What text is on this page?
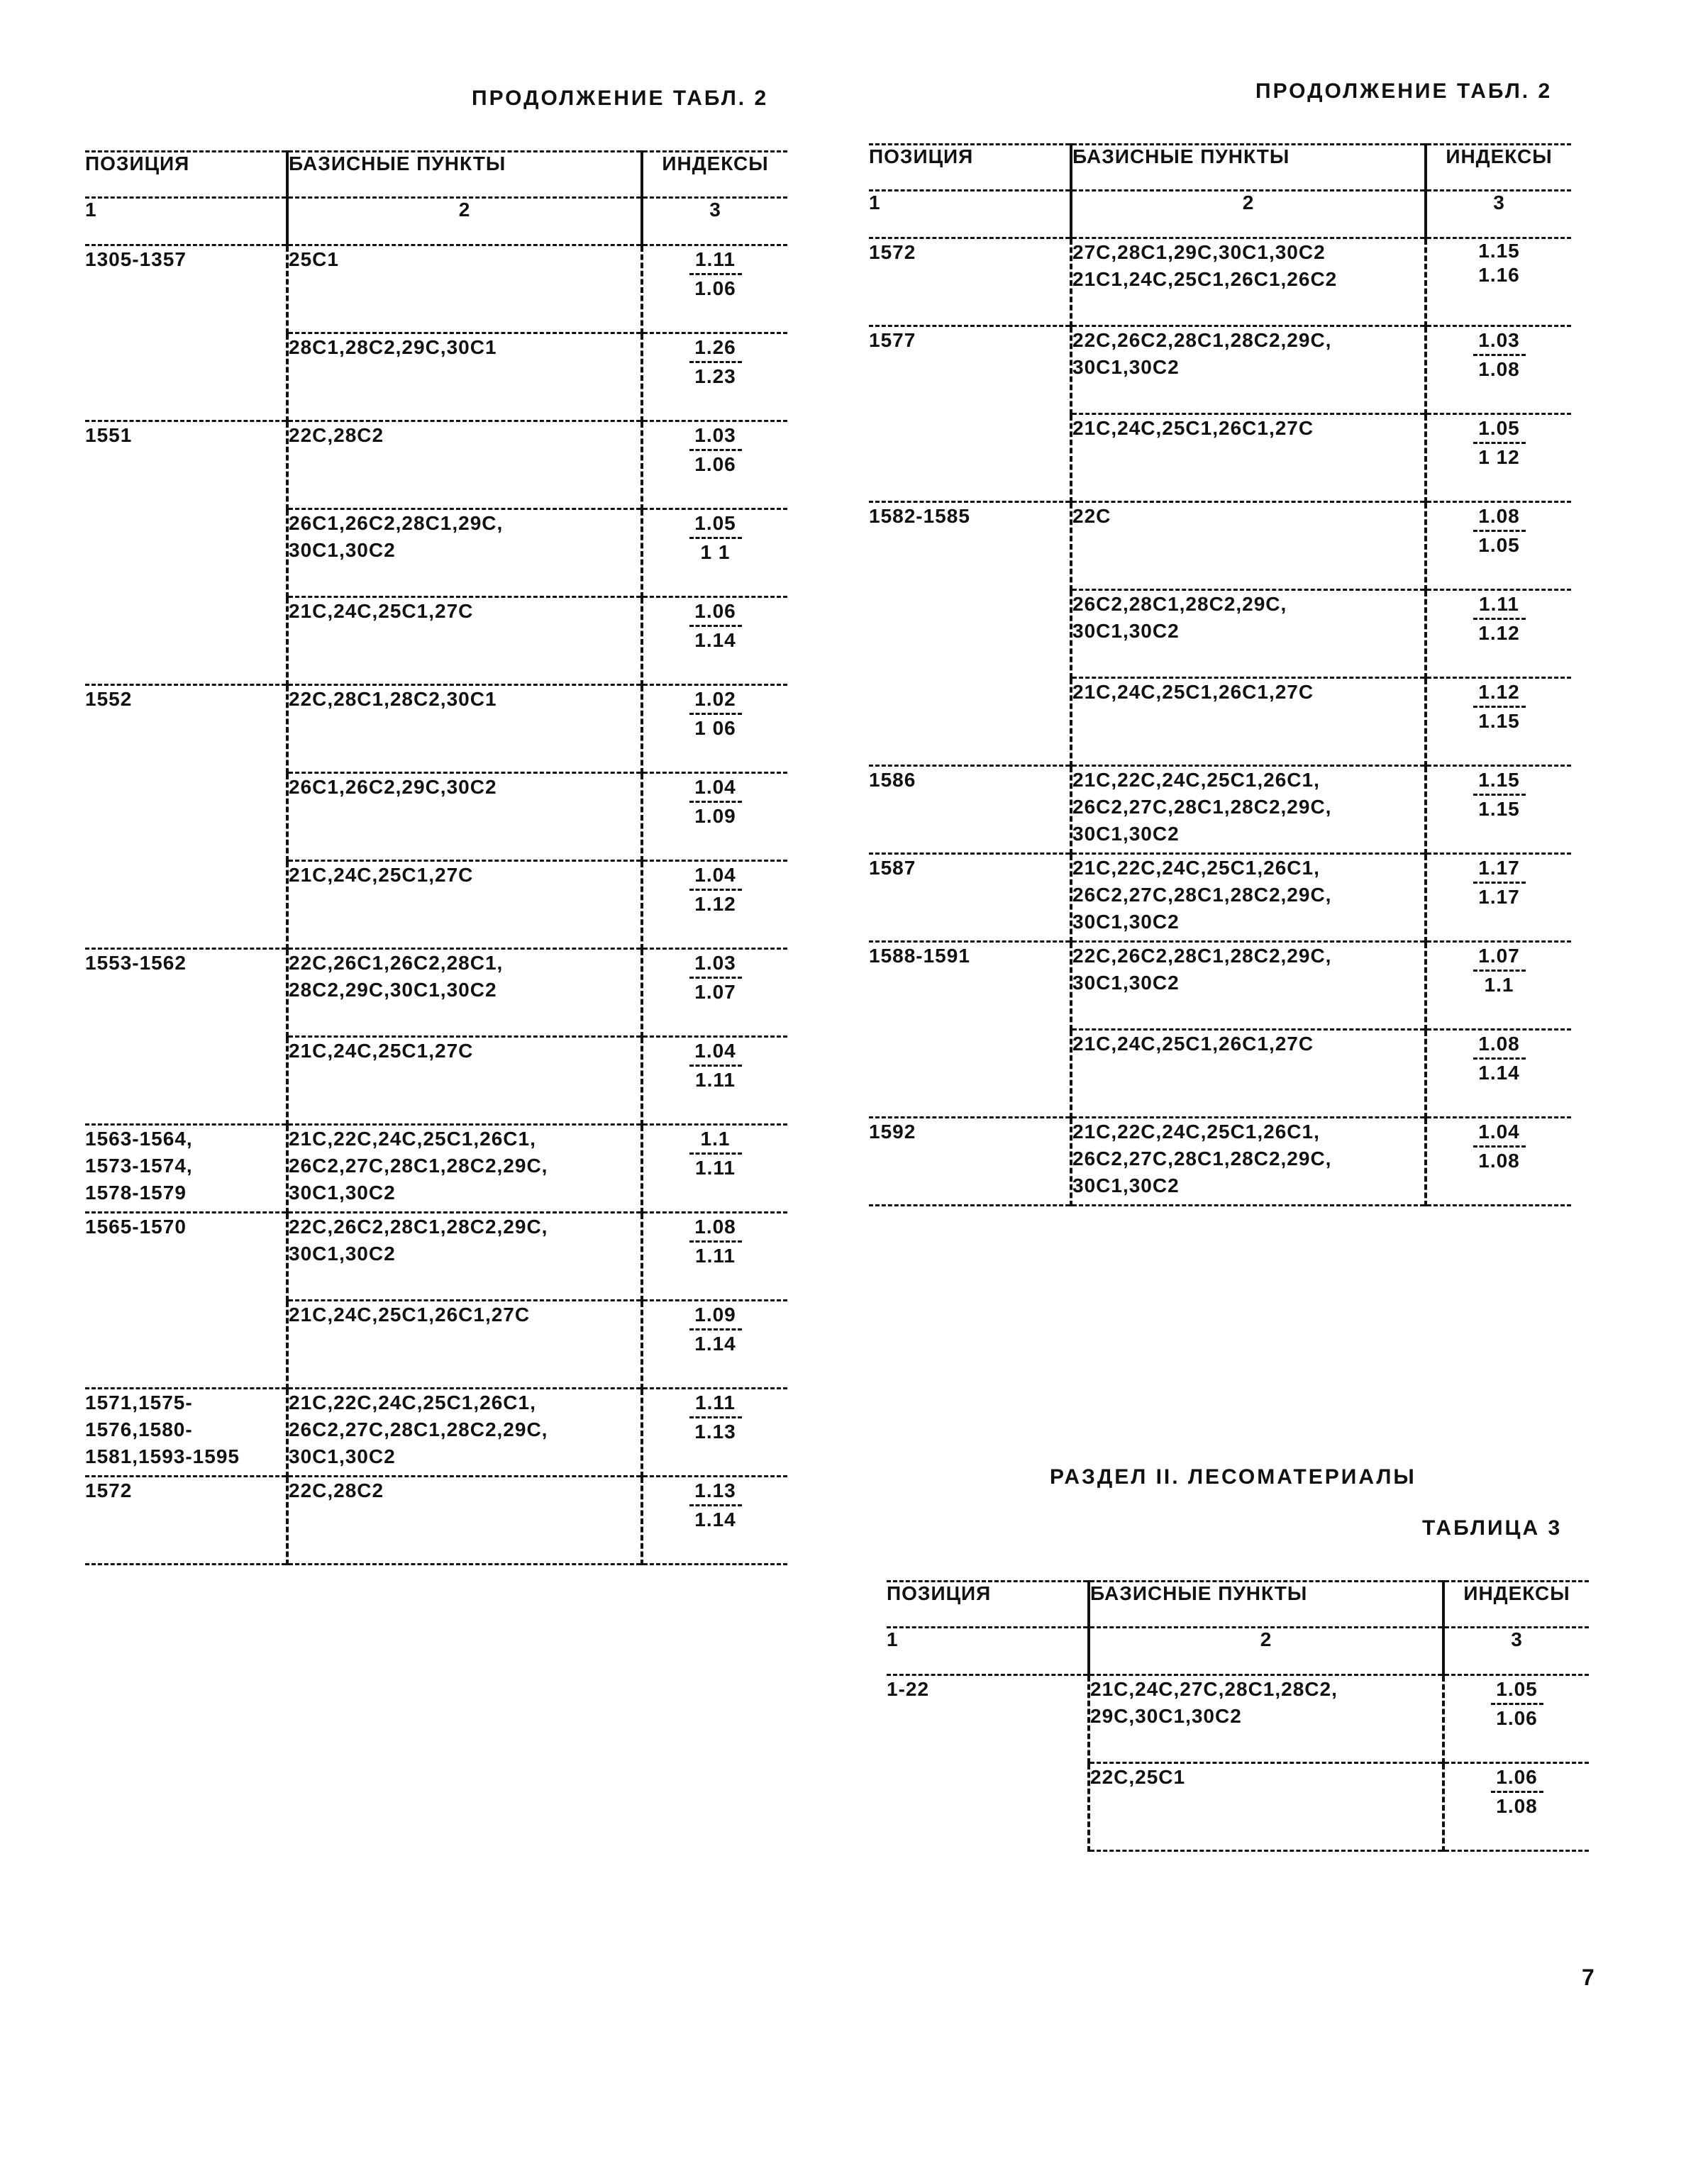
ПРОДОЛЖЕНИЕ ТАБЛ. 2
ПОЗИЦИЯ	БАЗИСНЫЕ ПУНКТЫ	ИНДЕКСЫ
1	2	3
1305-1357	25С1	1.11
1.06

	28С1,28С2,29С,30С1	1.26
1.23

1551	22С,28С2	1.03
1.06

	26С1,26С2,28С1,29С,
30С1,30С2	1.05
1 1

	21С,24С,25С1,27С	1.06
1.14

1552	22С,28С1,28С2,30С1	1.02
1 06

	26С1,26С2,29С,30С2	1.04
1.09

	21С,24С,25С1,27С	1.04
1.12

1553-1562	22С,26С1,26С2,28С1,
28С2,29С,30С1,30С2	1.03
1.07

	21С,24С,25С1,27С	1.04
1.11

1563-1564,
1573-1574,
1578-1579	21С,22С,24С,25С1,26С1,
26С2,27С,28С1,28С2,29С,
30С1,30С2	1.1
1.11

1565-1570	22С,26С2,28С1,28С2,29С,
30С1,30С2	1.08
1.11

	21С,24С,25С1,26С1,27С	1.09
1.14

1571,1575-
1576,1580-
1581,1593-1595	21С,22С,24С,25С1,26С1,
26С2,27С,28С1,28С2,29С,
30С1,30С2	1.11
1.13

1572	22С,28С2	1.13
1.14
ПРОДОЛЖЕНИЕ ТАБЛ. 2
ПОЗИЦИЯ	БАЗИСНЫЕ ПУНКТЫ	ИНДЕКСЫ
1	2	3
1572	27С,28С1,29С,30С1,30С2
21С1,24С,25С1,26С1,26С2	1.15
1.16

1577	22С,26С2,28С1,28С2,29С,
30С1,30С2	1.03
1.08

	21С,24С,25С1,26С1,27С	1.05
1 12

1582-1585	22С	1.08
1.05

	26С2,28С1,28С2,29С,
30С1,30С2	1.11
1.12

	21С,24С,25С1,26С1,27С	1.12
1.15

1586	21С,22С,24С,25С1,26С1,
26С2,27С,28С1,28С2,29С,
30С1,30С2	1.15
1.15

1587	21С,22С,24С,25С1,26С1,
26С2,27С,28С1,28С2,29С,
30С1,30С2	1.17
1.17

1588-1591	22С,26С2,28С1,28С2,29С,
30С1,30С2	1.07
1.1

	21С,24С,25С1,26С1,27С	1.08
1.14

1592	21С,22С,24С,25С1,26С1,
26С2,27С,28С1,28С2,29С,
30С1,30С2	1.04
1.08
РАЗДЕЛ II. ЛЕСОМАТЕРИАЛЫ
ТАБЛИЦА 3
ПОЗИЦИЯ	БАЗИСНЫЕ ПУНКТЫ	ИНДЕКСЫ
1	2	3
1-22	21С,24С,27С,28С1,28С2,
29С,30С1,30С2	1.05
1.06

	22С,25С1	1.06
1.08
7
